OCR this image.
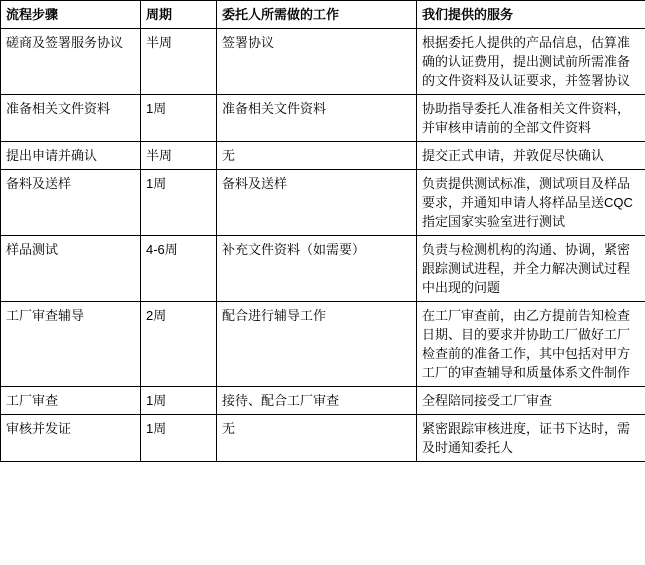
流程步骤	周期	委托人所需做的工作	我们提供的服务
磋商及签署服务协议	半周	签署协议	根据委托人提供的产品信息，估算准确的认证费用，提出测试前所需准备的文件资料及认证要求，并签署协议
准备相关文件资料	1周	准备相关文件资料	协助指导委托人准备相关文件资料，并审核申请前的全部文件资料
提出申请并确认	半周	无	提交正式申请，并敦促尽快确认
备料及送样	1周	备料及送样	负责提供测试标准，测试项目及样品要求，并通知申请人将样品呈送CQC指定国家实验室进行测试
样品测试	4-6周	补充文件资料（如需要）	负责与检测机构的沟通、协调，紧密跟踪测试进程，并全力解决测试过程中出现的问题
工厂审查辅导	2周	配合进行辅导工作	在工厂审查前，由乙方提前告知检查日期、目的要求并协助工厂做好工厂检查前的准备工作，其中包括对甲方工厂的审查辅导和质量体系文件制作
工厂审查	1周	接待、配合工厂审查	全程陪同接受工厂审查
审核并发证	1周	无	紧密跟踪审核进度，证书下达时，需及时通知委托人
